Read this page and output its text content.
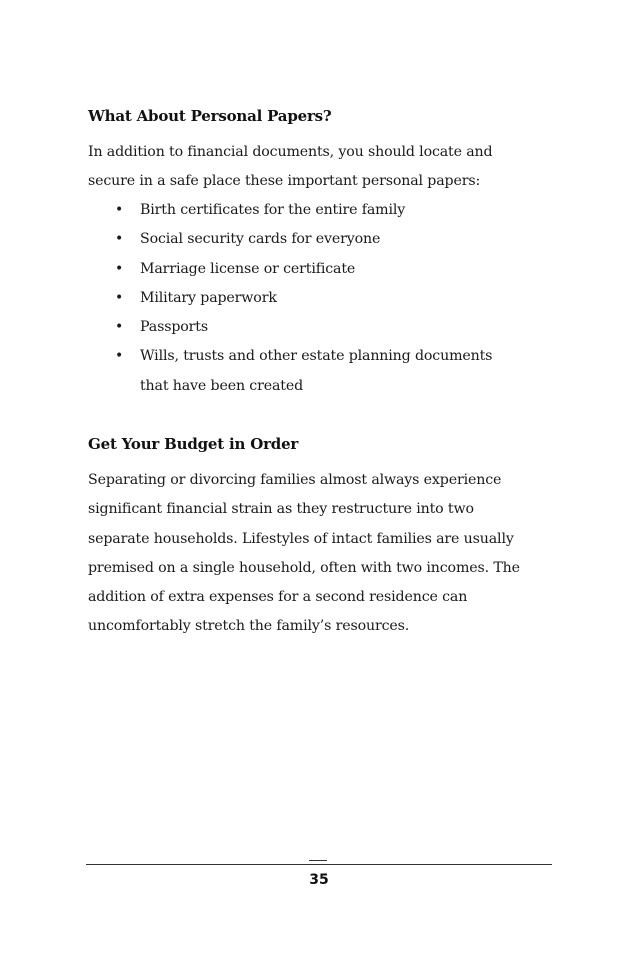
What About Personal Papers?

In addition to financial documents, you should locate and
secure in a safe place these important personal papers:

• Birth certificates for the entire family
• Social security cards for everyone
• Marriage license or certificate
• Military paperwork
• Passports
• Wills, trusts and other estate planning documents
that have been created
Get Your Budget in Order

Separating or divorcing families almost always experience
significant financial strain as they restructure into two
separate households. Lifestyles of intact families are usually
premised on a single household, often with two incomes. The
addition of extra expenses for a second residence can
uncomfortably stretch the family’s resources.

35
